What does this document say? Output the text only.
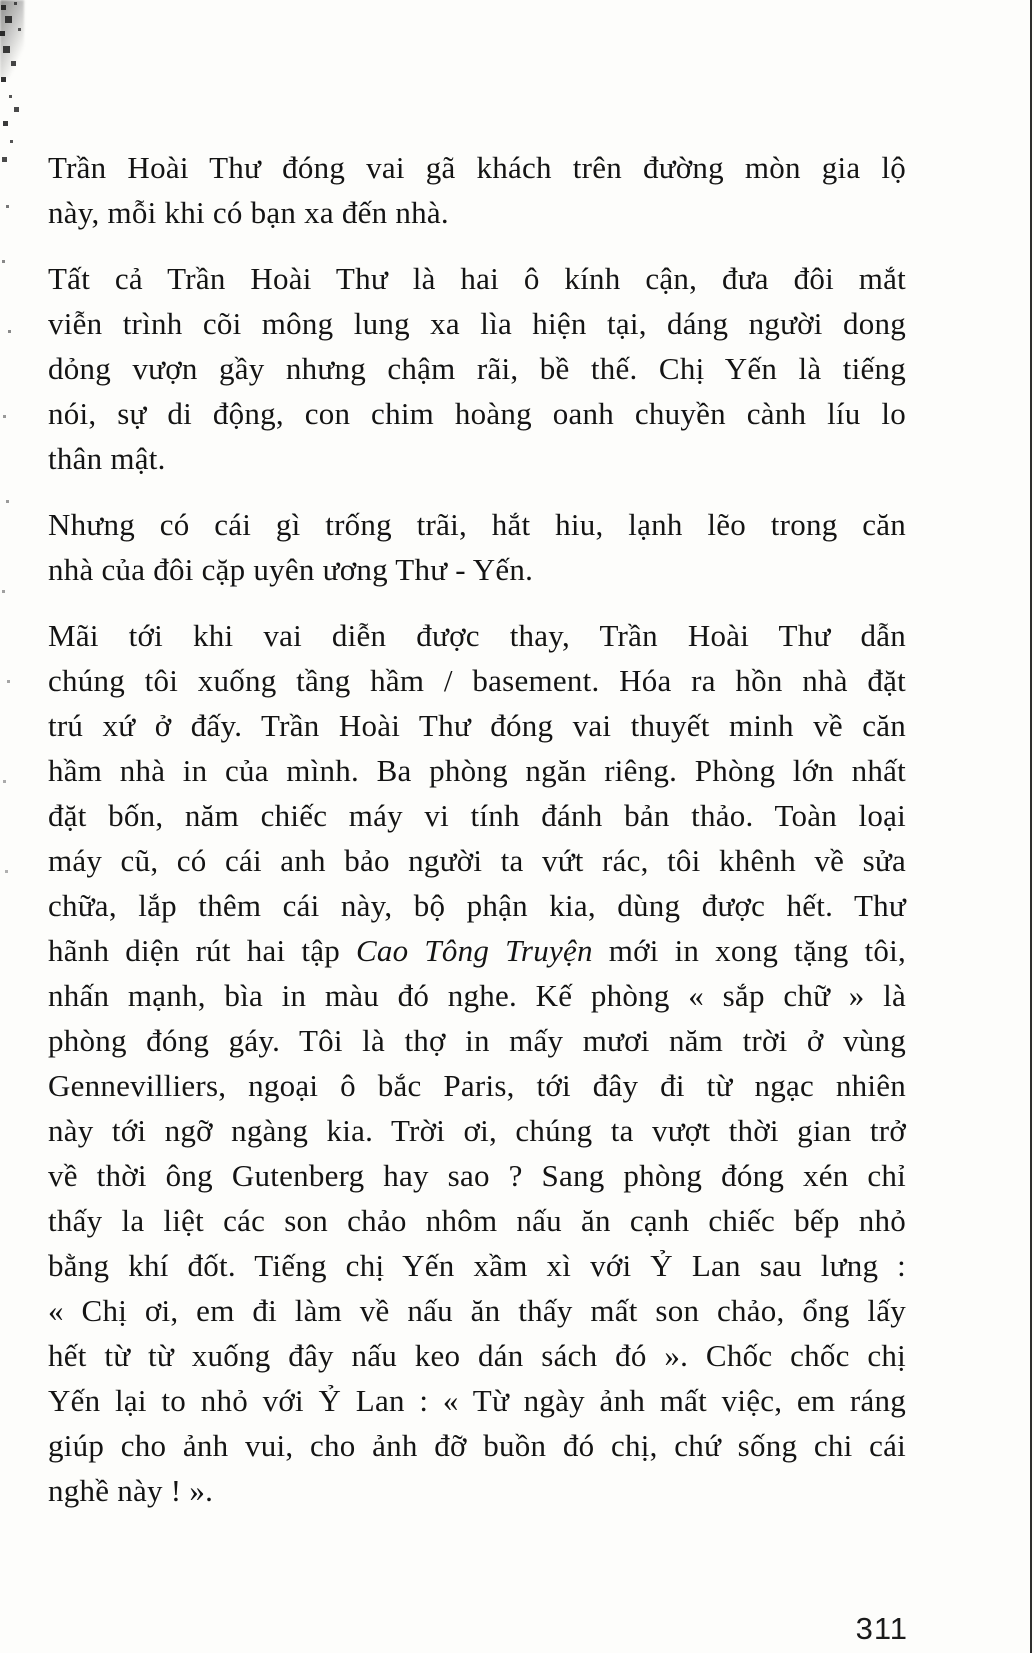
Trần Hoài Thư đóng vai gã khách trên đường mòn gia lộ
này, mỗi khi có bạn xa đến nhà.

Tất cả Trần Hoài Thư là hai ô kính cận, đưa đôi mắt
viễn trình cõi mông lung xa lìa hiện tại, dáng người dong
dỏng vượn gầy nhưng chậm rãi, bề thế. Chị Yến là tiếng
nói, sự di động, con chim hoàng oanh chuyền cành líu lo
thân mật.

Nhưng có cái gì trống trãi, hắt hiu, lạnh lẽo trong căn
nhà của đôi cặp uyên ương Thư - Yến.

Mãi tới khi vai diễn được thay, Trần Hoài Thư dẫn
chúng tôi xuống tầng hầm / basement. Hóa ra hồn nhà đặt
trú xứ ở đấy. Trần Hoài Thư đóng vai thuyết minh về căn
hầm nhà in của mình. Ba phòng ngăn riêng. Phòng lớn nhất
đặt bốn, năm chiếc máy vi tính đánh bản thảo. Toàn loại
máy cũ, có cái anh bảo người ta vứt rác, tôi khênh về sửa
chữa, lắp thêm cái này, bộ phận kia, dùng được hết. Thư
hãnh diện rút hai tập Cao Tông Truyện mới in xong tặng tôi,
nhấn mạnh, bìa in màu đó nghe. Kế phòng « sắp chữ » là
phòng đóng gáy. Tôi là thợ in mấy mươi năm trời ở vùng
Gennevilliers, ngoại ô bắc Paris, tới đây đi từ ngạc nhiên
này tới ngỡ ngàng kia. Trời ơi, chúng ta vượt thời gian trở
về thời ông Gutenberg hay sao ? Sang phòng đóng xén chỉ
thấy la liệt các son chảo nhôm nấu ăn cạnh chiếc bếp nhỏ
bằng khí đốt. Tiếng chị Yến xầm xì với Ỷ Lan sau lưng :
« Chị ơi, em đi làm về nấu ăn thấy mất son chảo, ổng lấy
hết từ từ xuống đây nấu keo dán sách đó ». Chốc chốc chị
Yến lại to nhỏ với Ỷ Lan : « Từ ngày ảnh mất việc, em ráng
giúp cho ảnh vui, cho ảnh đỡ buồn đó chị, chứ sống chi cái
nghề này ! ».

311
